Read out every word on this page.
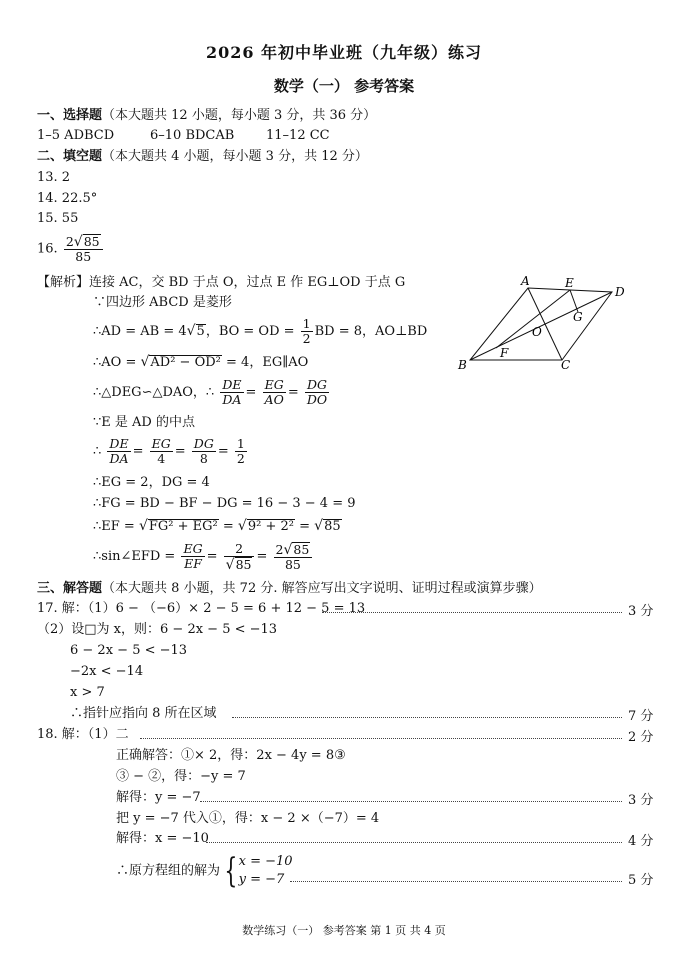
2026 年初中毕业班（九年级）练习
数学（一） 参考答案
一、选择题（本大题共 12 小题，每小题 3 分，共 36 分）
1–5 ADBCD	6–10 BDCAB 11–12 CC
二、填空题（本大题共 4 小题，每小题 3 分，共 12 分）
13. 2
14. 22.5°
15. 55
16. $\frac{2√85}{85}$
【解析】连接 AC，交 BD 于点 O，过点 E 作 EG⊥OD 于点 G
∵四边形 ABCD 是菱形
∴AD = AB = 4√5，BO = OD = $\frac{1}{2}$ BD = 8，AO⊥BD
∴AO = √AD² − OD² = 4，EG∥AO
∴△DEG∽△DAO，∴ $\frac{DE}{DA} = \frac{EG}{AO} = \frac{DG}{DO}$
∵E 是 AD 的中点
∴ $\frac{DE}{DA} = \frac{EG}{4} = \frac{DG}{8} = \frac{1}{2}$
∴EG = 2，DG = 4
∴FG = BD − BF − DG = 16 − 3 − 4 = 9
∴EF = √FG² + EG² = √9² + 2² = √85
∴sin∠EFD = $\frac{EG}{EF} = \frac{2}{√85} = \frac{2√85}{85}$
A	E
D
G
O
F
B	C
三、解答题（本大题共 8 小题，共 72 分. 解答应写出文字说明、证明过程或演算步骤）
17. 解：（1）6 − （−6）× 2 − 5 = 6 + 12 − 5 = 13	3 分
（2）设□为 x，则：6 − 2x − 5 < −13
6 − 2x − 5 < −13
−2x < −14
x > 7
∴指针应指向 8 所在区域	7 分
18. 解：（1）二	2 分
正确解答：①× 2，得：2x − 4y = 8③
③ − ②，得：−y = 7
解得：y = −7	3 分
把 y = −7 代入①，得：x − 2 ×（−7）= 4
解得：x = −10	4 分
∴原方程组的解为 { x = −10
y = −7	5 分
数学练习（一） 参考答案 第 1 页 共 4 页
